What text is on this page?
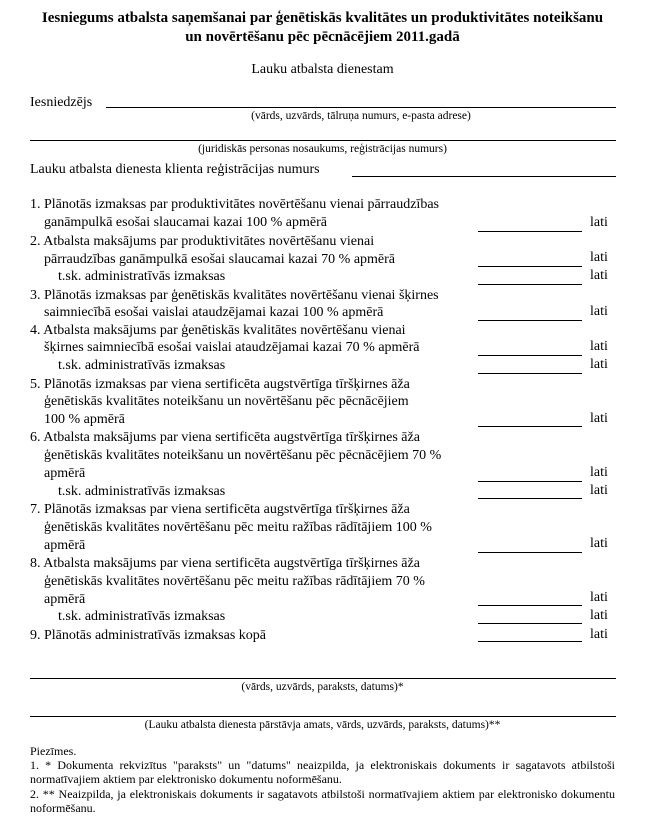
Iesniegums atbalsta saņemšanai par ģenētiskās kvalitātes un produktivitātes noteikšanu
un novērtēšanu pēc pēcnācējiem 2011.gadā
Lauku atbalsta dienestam
Iesniedzējs
(vārds, uzvārds, tālruņa numurs, e-pasta adrese)
(juridiskās personas nosaukums, reģistrācijas numurs)
Lauku atbalsta dienesta klienta reģistrācijas numurs
1. Plānotās izmaksas par produktivitātes novērtēšanu vienai pārraudzības
ganāmpulkā esošai slaucamai kazai 100 % apmērā	lati
2. Atbalsta maksājums par produktivitātes novērtēšanu vienai
pārraudzības ganāmpulkā esošai slaucamai kazai 70 % apmērā	lati
t.sk. administratīvās izmaksas	lati
3. Plānotās izmaksas par ģenētiskās kvalitātes novērtēšanu vienai šķirnes
saimniecībā esošai vaislai ataudzējamai kazai 100 % apmērā	lati
4. Atbalsta maksājums par ģenētiskās kvalitātes novērtēšanu vienai
šķirnes saimniecībā esošai vaislai ataudzējamai kazai 70 % apmērā	lati
t.sk. administratīvās izmaksas	lati
5. Plānotās izmaksas par viena sertificēta augstvērtīga tīršķirnes āža
ģenētiskās kvalitātes noteikšanu un novērtēšanu pēc pēcnācējiem
100 % apmērā	lati
6. Atbalsta maksājums par viena sertificēta augstvērtīga tīršķirnes āža
ģenētiskās kvalitātes noteikšanu un novērtēšanu pēc pēcnācējiem 70 %
apmērā	lati
t.sk. administratīvās izmaksas	lati
7. Plānotās izmaksas par viena sertificēta augstvērtīga tīršķirnes āža
ģenētiskās kvalitātes novērtēšanu pēc meitu ražības rādītājiem 100 %
apmērā	lati
8. Atbalsta maksājums par viena sertificēta augstvērtīga tīršķirnes āža
ģenētiskās kvalitātes novērtēšanu pēc meitu ražības rādītājiem 70 %
apmērā	lati
t.sk. administratīvās izmaksas	lati
9. Plānotās administratīvās izmaksas kopā	lati
(vārds, uzvārds, paraksts, datums)*
(Lauku atbalsta dienesta pārstāvja amats, vārds, uzvārds, paraksts, datums)**
Piezīmes.
1. * Dokumenta rekvizītus "paraksts" un "datums" neaizpilda, ja elektroniskais dokuments ir sagatavots atbilstoši normatīvajiem aktiem par elektronisko dokumentu noformēšanu.
2. ** Neaizpilda, ja elektroniskais dokuments ir sagatavots atbilstoši normatīvajiem aktiem par elektronisko dokumentu noformēšanu.
